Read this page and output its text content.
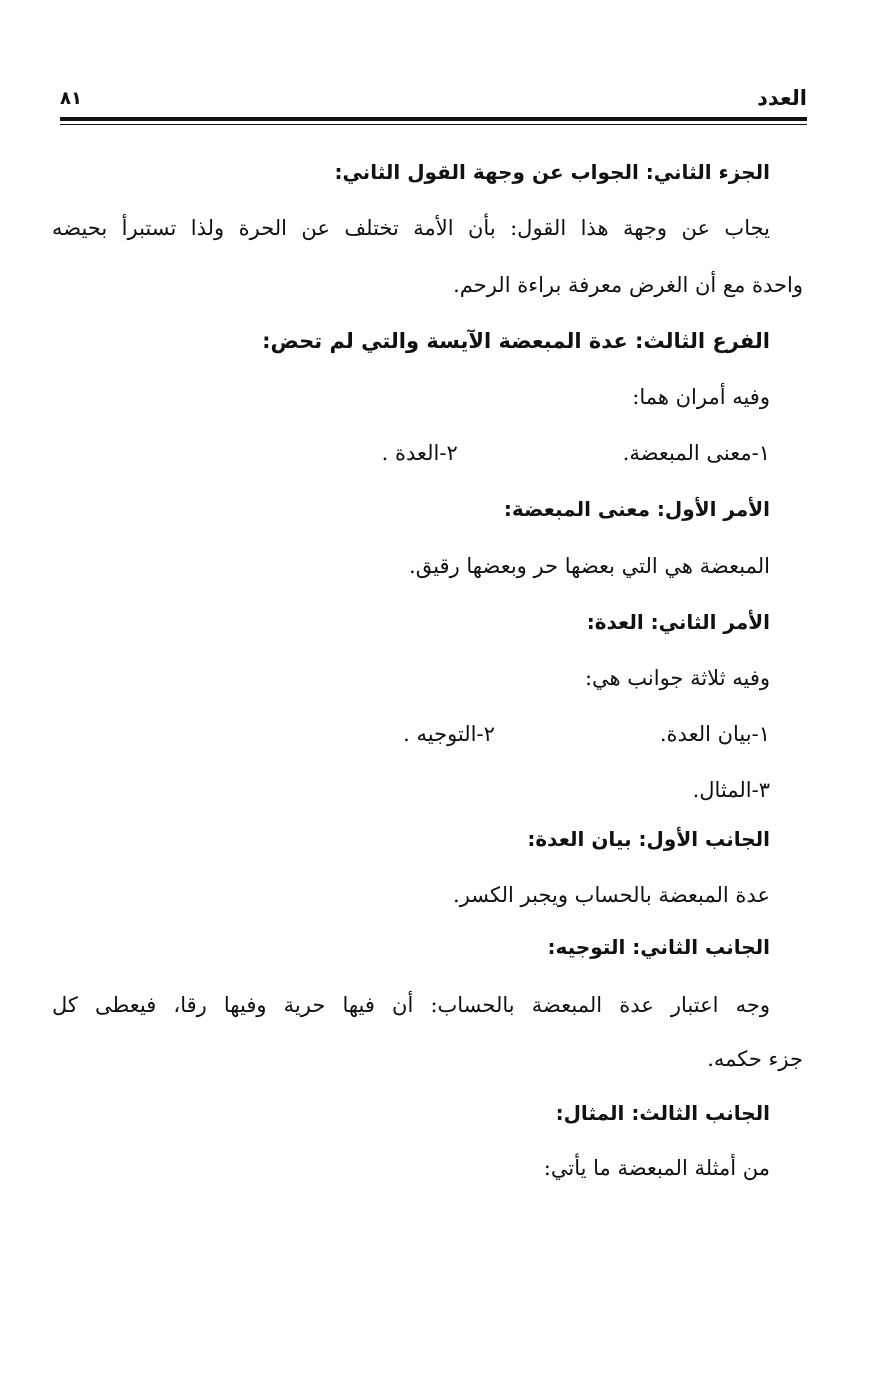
العدد
٨١
الجزء الثاني: الجواب عن وجهة القول الثاني:
يجاب عن وجهة هذا القول: بأن الأمة تختلف عن الحرة ولذا تستبرأ بحيضه
واحدة مع أن الغرض معرفة براءة الرحم.
الفرع الثالث: عدة المبعضة الآيسة والتي لم تحض:
وفيه أمران هما:
١-معنى المبعضة.٢-العدة .
الأمر الأول: معنى المبعضة:
المبعضة هي التي بعضها حر وبعضها رقيق.
الأمر الثاني: العدة:
وفيه ثلاثة جوانب هي:
١-بيان العدة.٢-التوجيه .
٣-المثال.
الجانب الأول: بيان العدة:
عدة المبعضة بالحساب ويجبر الكسر.
الجانب الثاني: التوجيه:
وجه اعتبار عدة المبعضة بالحساب: أن فيها حرية وفيها رقا، فيعطى كل
جزء حكمه.
الجانب الثالث: المثال:
من أمثلة المبعضة ما يأتي:
